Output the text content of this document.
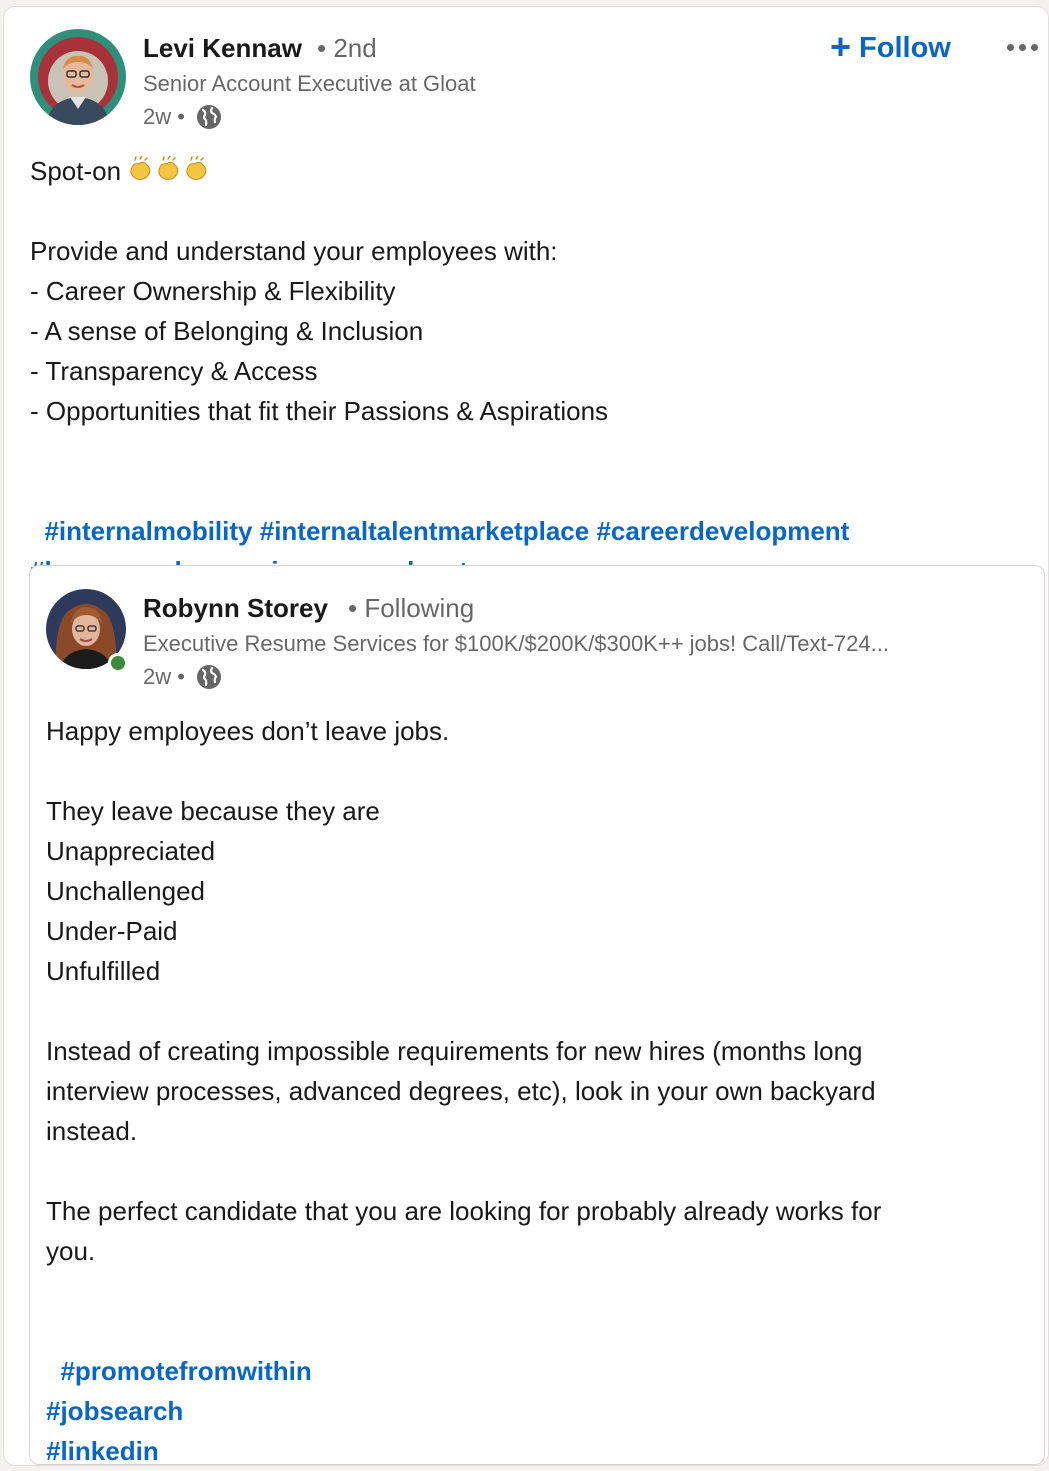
Levi Kennaw • 2nd
Senior Account Executive at Gloat
2w •
+ Follow
Spot-on
Provide and understand your employees with:
- Career Ownership & Flexibility
- A sense of Belonging & Inclusion
- Transparency & Access
- Opportunities that fit their Passions & Aspirations

#internalmobility #internaltalentmarketplace #careerdevelopment

Robynn Storey • Following
Executive Resume Services for $100K/$200K/$300K++ jobs! Call/Text-724...
2w •
Happy employees don’t leave jobs.

They leave because they are
Unappreciated
Unchallenged
Under-Paid
Unfulfilled

Instead of creating impossible requirements for new hires (months long
interview processes, advanced degrees, etc), look in your own backyard
instead.

The perfect candidate that you are looking for probably already works for
you.

#promotefromwithin
#jobsearch
#linkedin
